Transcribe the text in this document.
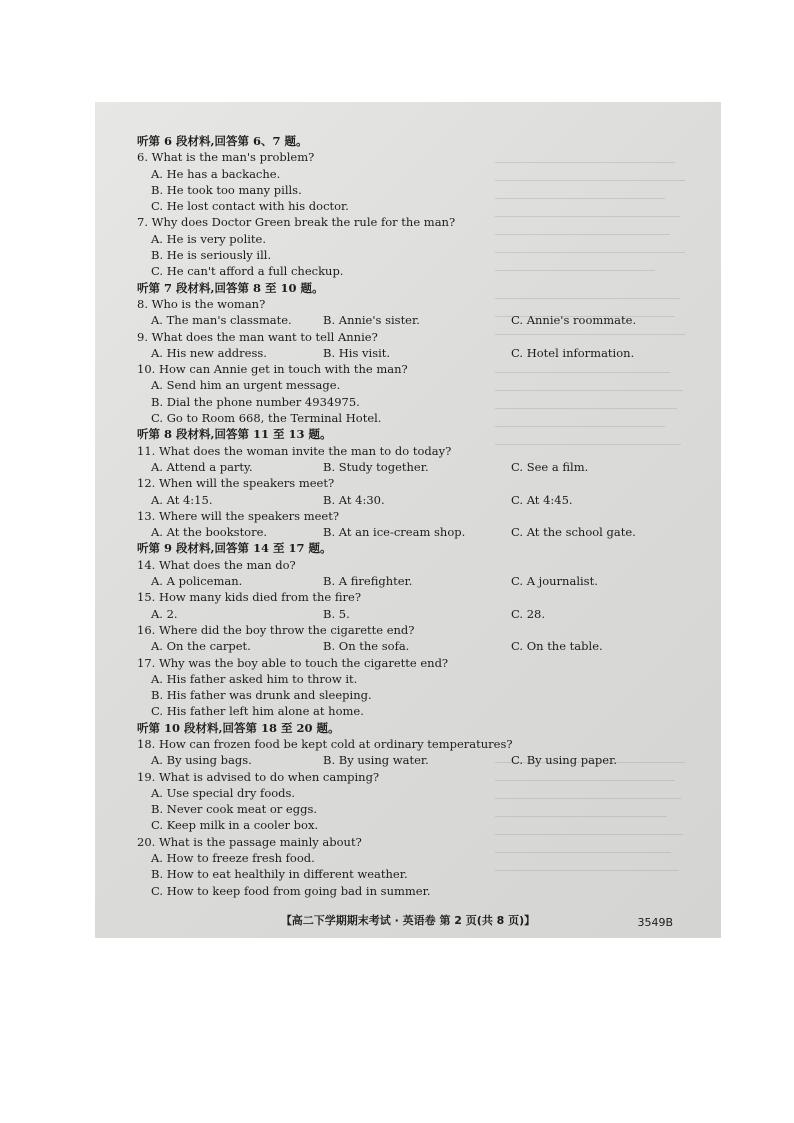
听第 6 段材料,回答第 6、7 题。
6. What is the man's problem?
A. He has a backache.
B. He took too many pills.
C. He lost contact with his doctor.
7. Why does Doctor Green break the rule for the man?
A. He is very polite.
B. He is seriously ill.
C. He can't afford a full checkup.
听第 7 段材料,回答第 8 至 10 题。
8. Who is the woman?
A. The man's classmate.	B. Annie's sister.	C. Annie's roommate.
9. What does the man want to tell Annie?
A. His new address.	B. His visit.	C. Hotel information.
10. How can Annie get in touch with the man?
A. Send him an urgent message.
B. Dial the phone number 4934975.
C. Go to Room 668, the Terminal Hotel.
听第 8 段材料,回答第 11 至 13 题。
11. What does the woman invite the man to do today?
A. Attend a party.	B. Study together.	C. See a film.
12. When will the speakers meet?
A. At 4:15.	B. At 4:30.	C. At 4:45.
13. Where will the speakers meet?
A. At the bookstore.	B. At an ice-cream shop.	C. At the school gate.
听第 9 段材料,回答第 14 至 17 题。
14. What does the man do?
A. A policeman.	B. A firefighter.	C. A journalist.
15. How many kids died from the fire?
A. 2.	B. 5.	C. 28.
16. Where did the boy throw the cigarette end?
A. On the carpet.	B. On the sofa.	C. On the table.
17. Why was the boy able to touch the cigarette end?
A. His father asked him to throw it.
B. His father was drunk and sleeping.
C. His father left him alone at home.
听第 10 段材料,回答第 18 至 20 题。
18. How can frozen food be kept cold at ordinary temperatures?
A. By using bags.	B. By using water.	C. By using paper.
19. What is advised to do when camping?
A. Use special dry foods.
B. Never cook meat or eggs.
C. Keep milk in a cooler box.
20. What is the passage mainly about?
A. How to freeze fresh food.
B. How to eat healthily in different weather.
C. How to keep food from going bad in summer.
【高二下学期期末考试 · 英语卷 第 2 页(共 8 页)】	3549B
